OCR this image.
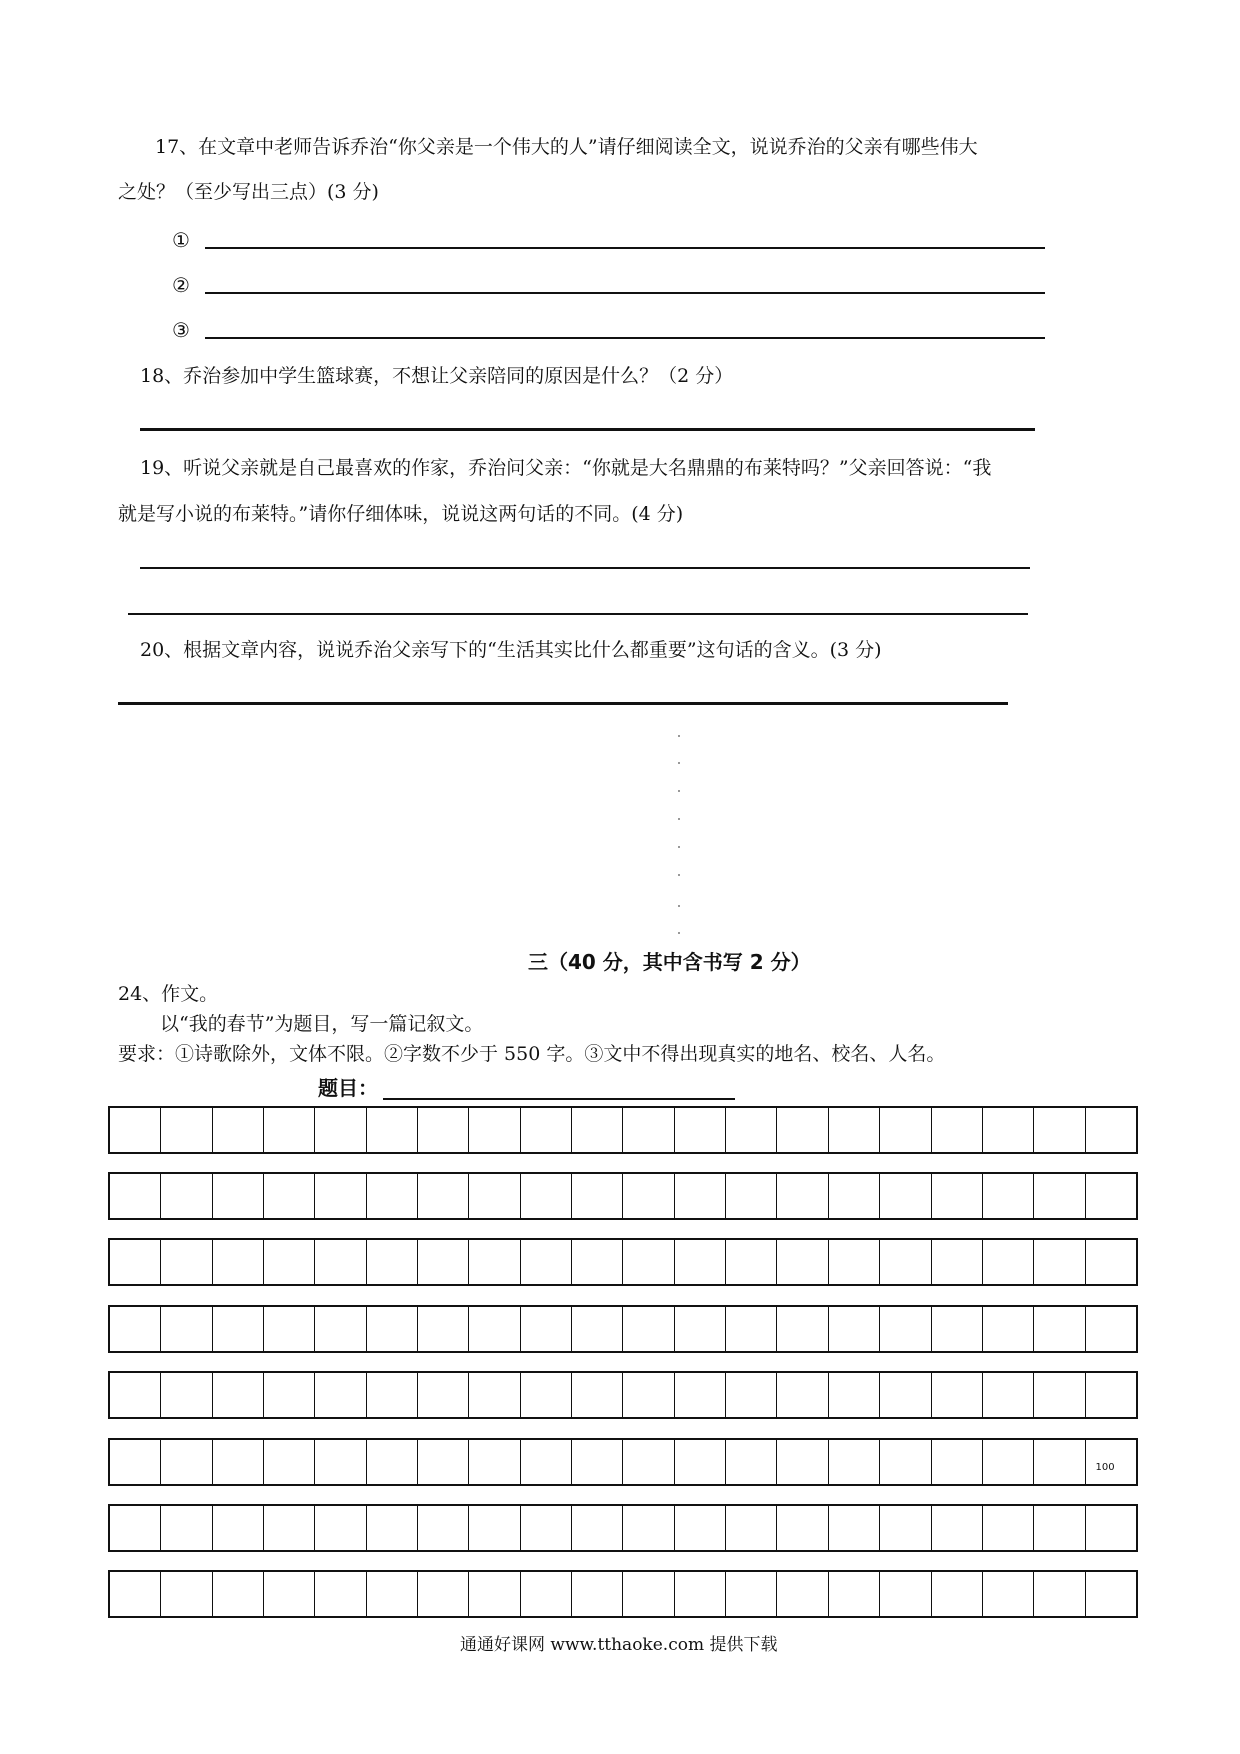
17、在文章中老师告诉乔治“你父亲是一个伟大的人”请仔细阅读全文，说说乔治的父亲有哪些伟大
之处？（至少写出三点）(3 分)
①
②
③
18、乔治参加中学生篮球赛，不想让父亲陪同的原因是什么？（2 分）
19、听说父亲就是自己最喜欢的作家，乔治问父亲：“你就是大名鼎鼎的布莱特吗？”父亲回答说：“我
就是写小说的布莱特。”请你仔细体味，说说这两句话的不同。(4 分)
20、根据文章内容，说说乔治父亲写下的“生活其实比什么都重要”这句话的含义。(3 分)
三（40 分，其中含书写 2 分）
24、作文。
以“我的春节”为题目，写一篇记叙文。
要求：①诗歌除外，文体不限。②字数不少于 550 字。③文中不得出现真实的地名、校名、人名。
题目：
100
通通好课网 www.tthaoke.com 提供下载
